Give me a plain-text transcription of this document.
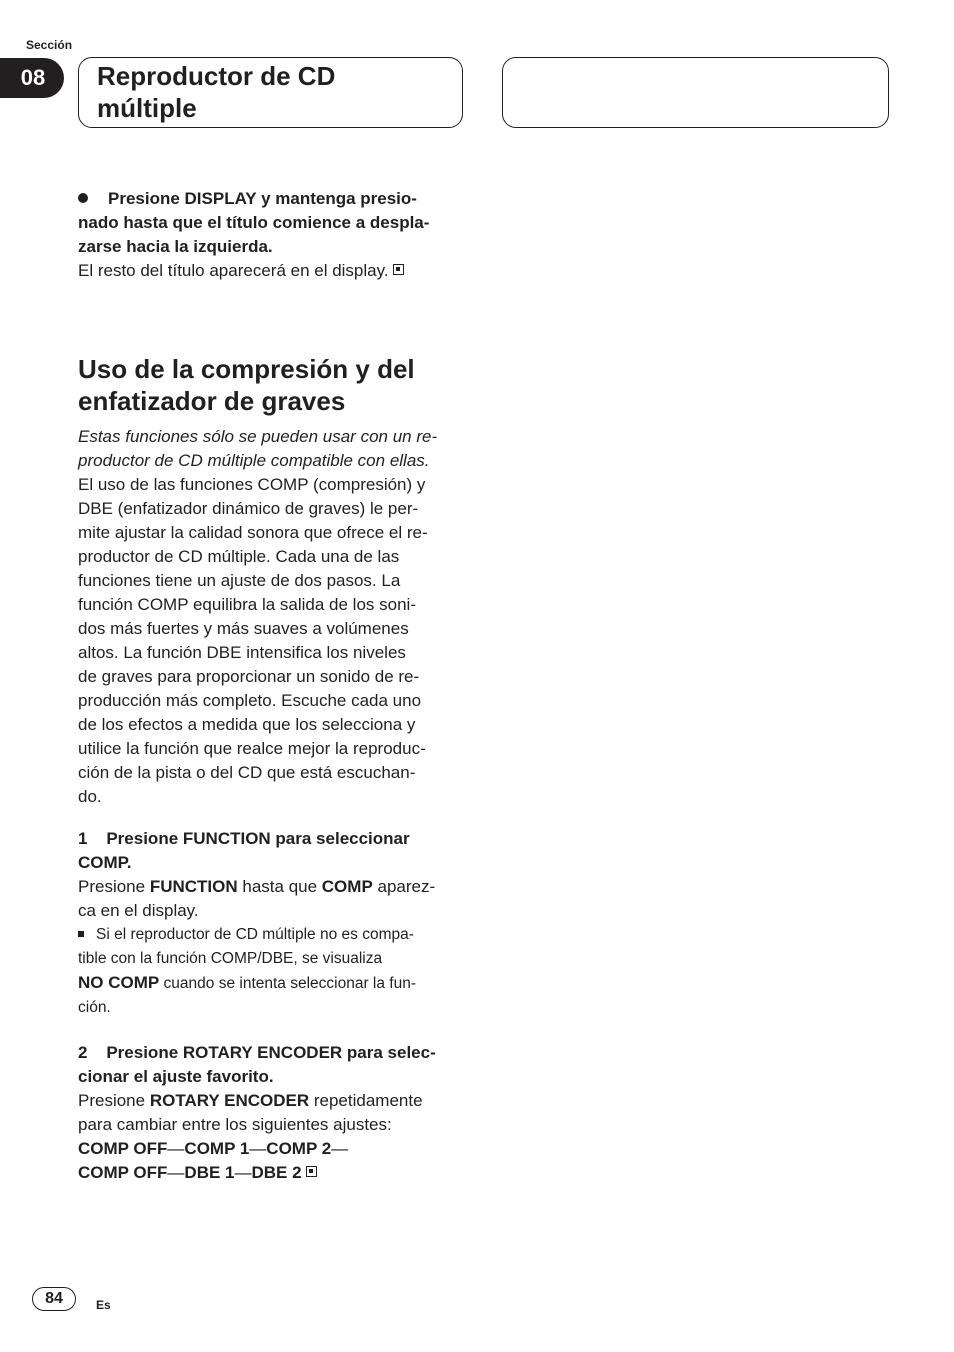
Sección
08	Reproductor de CD
múltiple
Presione DISPLAY y mantenga presio-
nado hasta que el título comience a despla-
zarse hacia la izquierda.
El resto del título aparecerá en el display.
Uso de la compresión y del
enfatizador de graves
Estas funciones sólo se pueden usar con un re-
productor de CD múltiple compatible con ellas.
El uso de las funciones COMP (compresión) y
DBE (enfatizador dinámico de graves) le per-
mite ajustar la calidad sonora que ofrece el re-
productor de CD múltiple. Cada una de las
funciones tiene un ajuste de dos pasos. La
función COMP equilibra la salida de los soni-
dos más fuertes y más suaves a volúmenes
altos. La función DBE intensifica los niveles
de graves para proporcionar un sonido de re-
producción más completo. Escuche cada uno
de los efectos a medida que los selecciona y
utilice la función que realce mejor la reproduc-
ción de la pista o del CD que está escuchan-
do.
1    Presione FUNCTION para seleccionar
COMP.
Presione FUNCTION hasta que COMP aparez-
ca en el display.
Si el reproductor de CD múltiple no es compa-
tible con la función COMP/DBE, se visualiza
NO COMP cuando se intenta seleccionar la fun-
ción.
2    Presione ROTARY ENCODER para selec-
cionar el ajuste favorito.
Presione ROTARY ENCODER repetidamente
para cambiar entre los siguientes ajustes:
COMP OFF—COMP 1—COMP 2—
COMP OFF—DBE 1—DBE 2
84	Es
